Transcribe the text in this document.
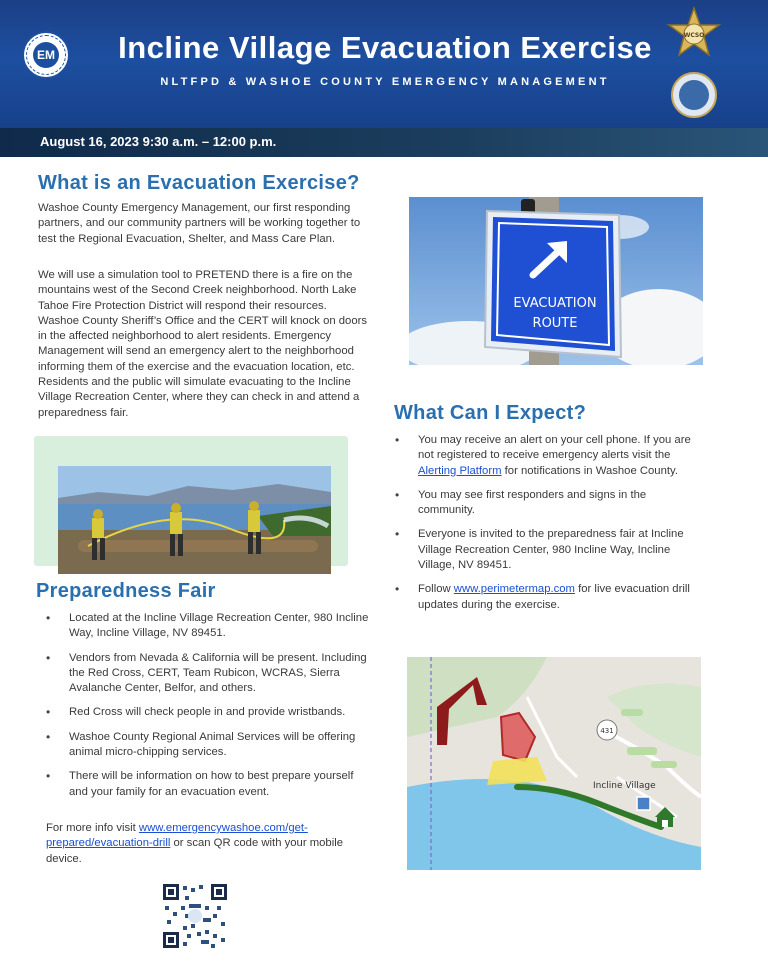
EM	Incline Village Evacuation Exercise
NLTFPD & WASHOE COUNTY EMERGENCY MANAGEMENT
WCSO
August 16, 2023 9:30 a.m. – 12:00 p.m.
What is an Evacuation Exercise?

Washoe County Emergency Management, our first responding partners, and our community partners will be working together to test the Regional Evacuation, Shelter, and Mass Care Plan.

We will use a simulation tool to PRETEND there is a fire on the mountains west of the Second Creek neighborhood. North Lake Tahoe Fire Protection District will respond their resources. Washoe County Sheriff’s Office and the CERT will knock on doors in the affected neighborhood to alert residents. Emergency Management will send an emergency alert to the neighborhood informing them of the exercise and the evacuation location, etc. Residents and the public will simulate evacuating to the Incline Village Recreation Center, where they can check in and attend a preparedness fair.

Preparedness Fair
• Located at the Incline Village Recreation Center, 980 Incline Way, Incline Village, NV 89451.
• Vendors from Nevada & California will be present. Including the Red Cross, CERT, Team Rubicon, WCRAS, Sierra Avalanche Center, Belfor, and others.
• Red Cross will check people in and provide wristbands.
• Washoe County Regional Animal Services will be offering animal micro-chipping services.
• There will be information on how to best prepare yourself and your family for an evacuation event.

For more info visit www.emergencywashoe.com/get-prepared/evacuation-drill or scan QR code with your mobile device.

EVACUATION
ROUTE
What Can I Expect?
• You may receive an alert on your cell phone. If you are not registered to receive emergency alerts visit the Alerting Platform for notifications in Washoe County.
• You may see first responders and signs in the community.
• Everyone is invited to the preparedness fair at Incline Village Recreation Center, 980 Incline Way, Incline Village, NV 89451.
• Follow www.perimetermap.com for live evacuation drill updates during the exercise.
431
Incline Village
